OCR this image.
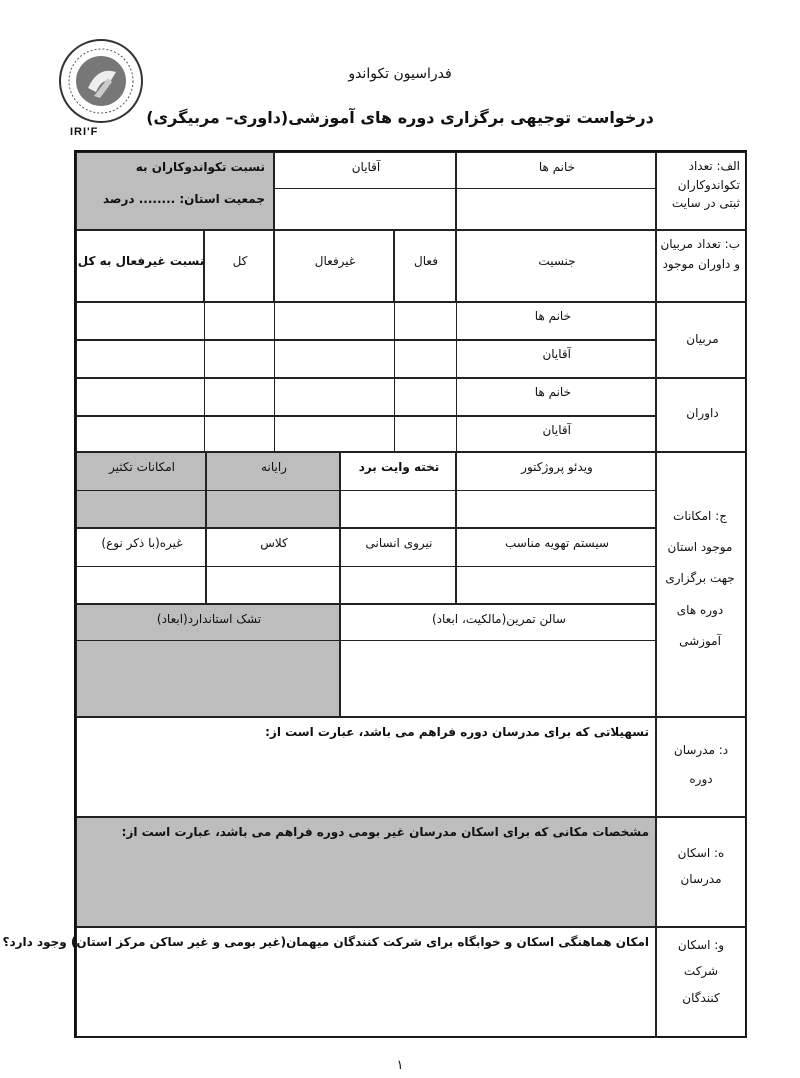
IRI'F
فدراسیون تکواندو
درخواست توجیهی برگزاری دوره های آموزشی(داوری– مربیگری)
الف: تعداد تکواندوکاران ثبتی در سایت
خانم ها
آقایان
نسبت تکواندوکاران به
جمعیت استان: ........ درصد
ب: تعداد مربیان و داوران موجود
مربیان
داوران
جنسیت
فعال
غیرفعال
کل
نسبت غیرفعال به کل
خانم ها
آقایان
خانم ها
آقایان
ج: امکانات موجود استان جهت برگزاری دوره های آموزشی
ویدئو پروژکتور
تخته وایت برد
رایانه
امکانات تکثیر
سیستم تهویه مناسب
نیروی انسانی
کلاس
غیره(با ذکر نوع)
سالن تمرین(مالکیت، ابعاد)
تشک استاندارد(ابعاد)
د: مدرسان دوره
تسهیلاتی که برای مدرسان دوره فراهم می باشد، عبارت است از:
ه: اسکان مدرسان
مشخصات مکانی که برای اسکان مدرسان غیر بومی دوره فراهم می باشد، عبارت است از:
و: اسکان شرکت کنندگان
امکان هماهنگی اسکان و خوابگاه برای شرکت کنندگان میهمان(غیر بومی و غیر ساکن مرکز استان) وجود دارد؟
۱
